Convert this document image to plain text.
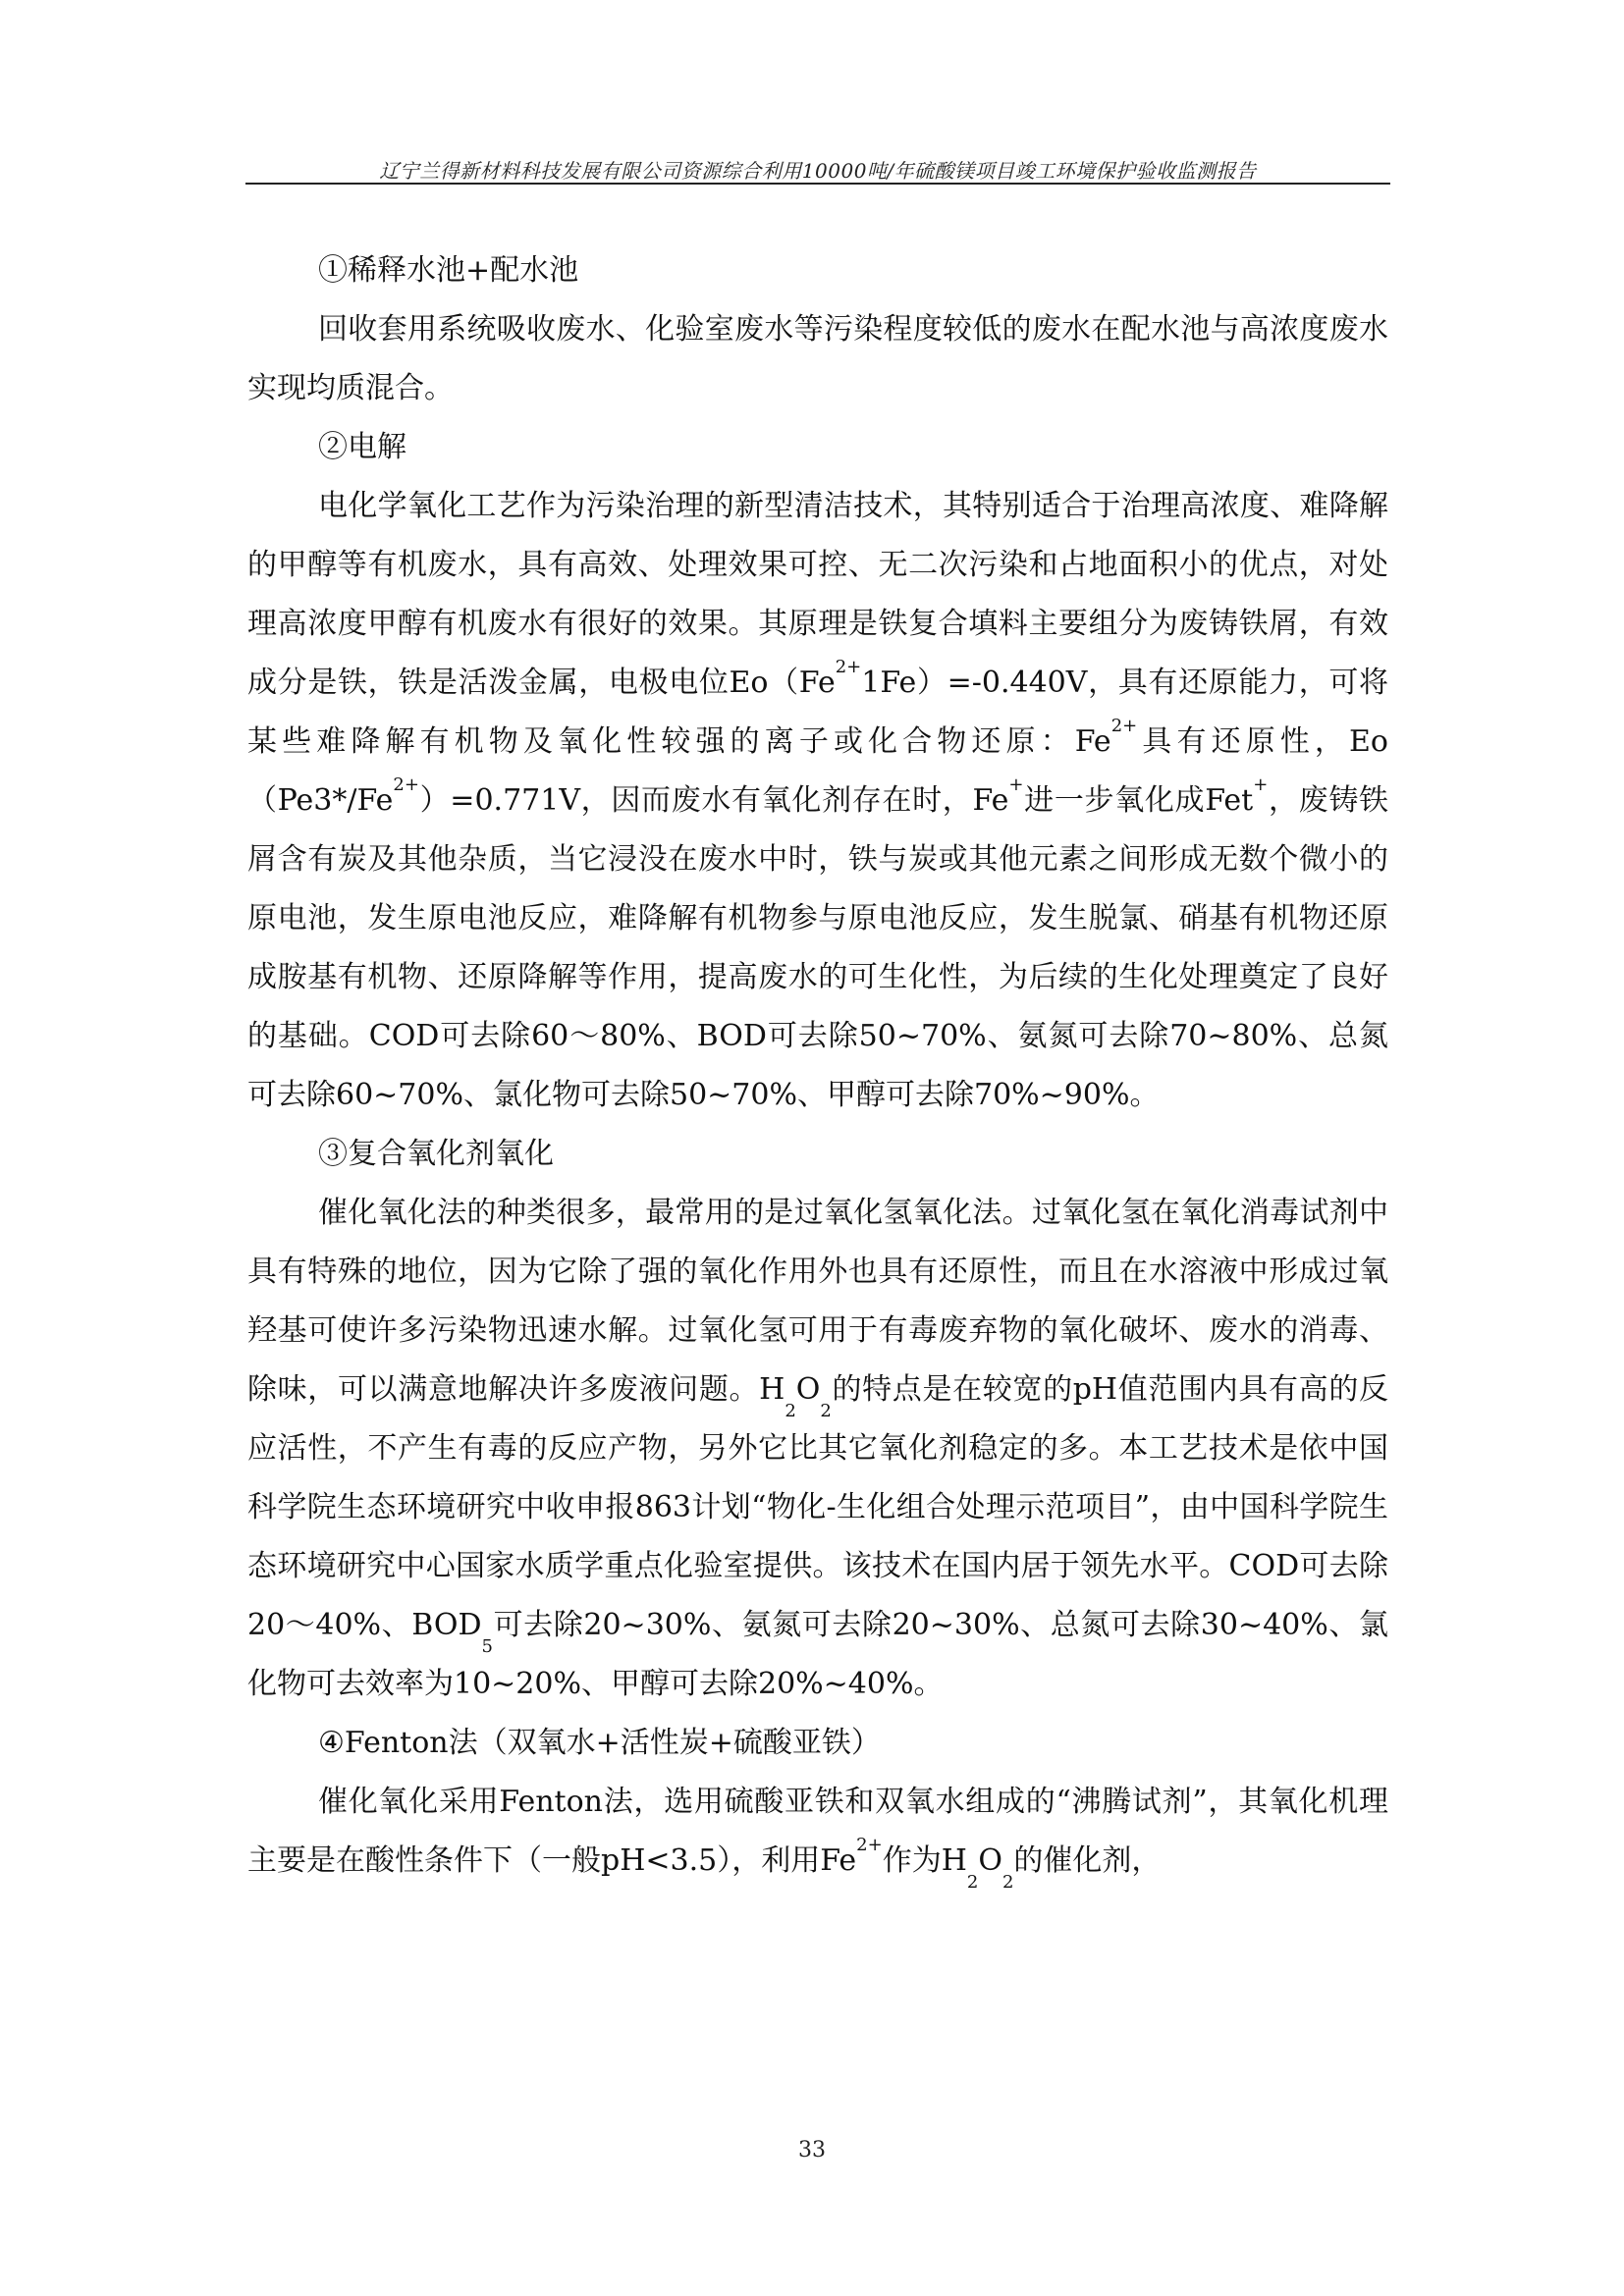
辽宁兰得新材料科技发展有限公司资源综合利用10000吨/年硫酸镁项目竣工环境保护验收监测报告

①稀释水池+配水池

回收套用系统吸收废水、化验室废水等污染程度较低的废水在配水池与高浓度废水实现均质混合。

②电解

电化学氧化工艺作为污染治理的新型清洁技术，其特别适合于治理高浓度、难降解的甲醇等有机废水，具有高效、处理效果可控、无二次污染和占地面积小的优点，对处理高浓度甲醇有机废水有很好的效果。其原理是铁复合填料主要组分为废铸铁屑，有效成分是铁，铁是活泼金属，电极电位$Eo(Fe^{2+}1Fe)=-0.440V$，具有还原能力，可将某些难降解有机物及氧化性较强的离子或化合物还原：$Fe^{2+}$具有还原性，$Eo(Pe3*/Fe^{2+})=0.771V$，因而废水有氧化剂存在时，Fe+进一步氧化成Fet+，废铸铁屑含有炭及其他杂质，当它浸没在废水中时，铁与炭或其他元素之间形成无数个微小的原电池，发生原电池反应，难降解有机物参与原电池反应，发生脱氯、硝基有机物还原成胺基有机物、还原降解等作用，提高废水的可生化性，为后续的生化处理奠定了良好的基础。COD可去除60～80%、BOD可去除50~70%、氨氮可去除70~80%、总氮可去除60~70%、氯化物可去除50~70%、甲醇可去除70%~90%。

③复合氧化剂氧化

催化氧化法的种类很多，最常用的是过氧化氢氧化法。过氧化氢在氧化消毒试剂中具有特殊的地位，因为它除了强的氧化作用外也具有还原性，而且在水溶液中形成过氧羟基可使许多污染物迅速水解。过氧化氢可用于有毒废弃物的氧化破坏、废水的消毒、除味，可以满意地解决许多废液问题。$H_2O_2$的特点是在较宽的pH值范围内具有高的反应活性，不产生有毒的反应产物，另外它比其它氧化剂稳定的多。本工艺技术是依中国科学院生态环境研究中收申报863计划“物化-生化组合处理示范项目”，由中国科学院生态环境研究中心国家水质学重点化验室提供。该技术在国内居于领先水平。COD可去除20～40%、$BOD_5$可去除20~30%、氨氮可去除20~30%、总氮可去除30~40%、氯化物可去效率为10~20%、甲醇可去除20%~40%。

④Fenton法（双氧水+活性炭+硫酸亚铁）

催化氧化采用Fenton法，选用硫酸亚铁和双氧水组成的“沸腾试剂”，其氧化机理主要是在酸性条件下（一般pH<3.5），利用$Fe^{2+}$作为$H_2O_2$的催化剂，

33
